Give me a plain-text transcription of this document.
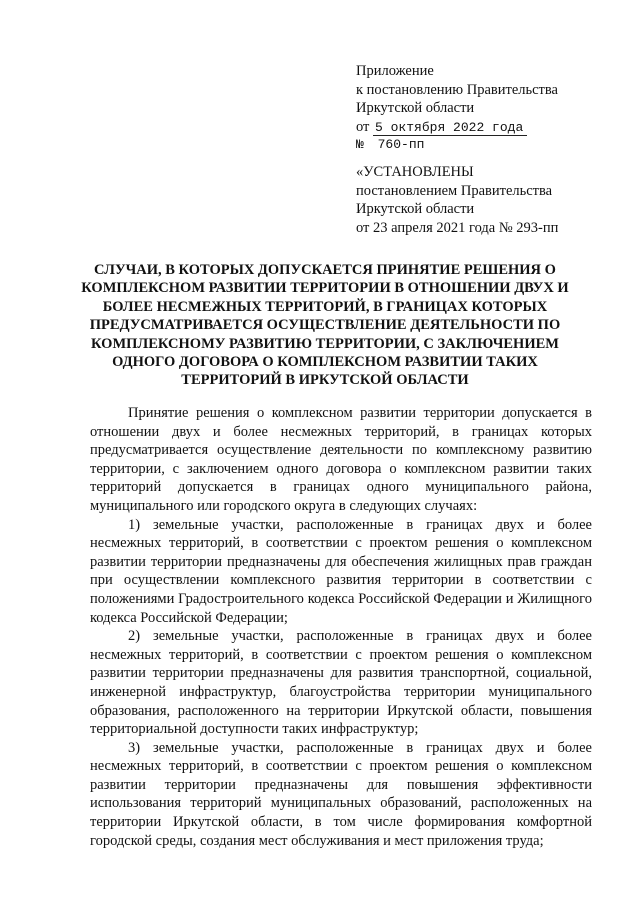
Приложение
к постановлению Правительства
Иркутской области
от 5 октября 2022 года
№ 760-пп
«УСТАНОВЛЕНЫ
постановлением Правительства
Иркутской области
от 23 апреля 2021 года № 293-пп
СЛУЧАИ, В КОТОРЫХ ДОПУСКАЕТСЯ ПРИНЯТИЕ РЕШЕНИЯ О КОМПЛЕКСНОМ РАЗВИТИИ ТЕРРИТОРИИ В ОТНОШЕНИИ ДВУХ И БОЛЕЕ НЕСМЕЖНЫХ ТЕРРИТОРИЙ, В ГРАНИЦАХ КОТОРЫХ ПРЕДУСМАТРИВАЕТСЯ ОСУЩЕСТВЛЕНИЕ ДЕЯТЕЛЬНОСТИ ПО КОМПЛЕКСНОМУ РАЗВИТИЮ ТЕРРИТОРИИ, С ЗАКЛЮЧЕНИЕМ ОДНОГО ДОГОВОРА О КОМПЛЕКСНОМ РАЗВИТИИ ТАКИХ ТЕРРИТОРИЙ В ИРКУТСКОЙ ОБЛАСТИ

Принятие решения о комплексном развитии территории допускается в отношении двух и более несмежных территорий, в границах которых предусматривается осуществление деятельности по комплексному развитию территории, с заключением одного договора о комплексном развитии таких территорий допускается в границах одного муниципального района, муниципального или городского округа в следующих случаях:

1) земельные участки, расположенные в границах двух и более несмежных территорий, в соответствии с проектом решения о комплексном развитии территории предназначены для обеспечения жилищных прав граждан при осуществлении комплексного развития территории в соответствии с положениями Градостроительного кодекса Российской Федерации и Жилищного кодекса Российской Федерации;

2) земельные участки, расположенные в границах двух и более несмежных территорий, в соответствии с проектом решения о комплексном развитии территории предназначены для развития транспортной, социальной, инженерной инфраструктур, благоустройства территории муниципального образования, расположенного на территории Иркутской области, повышения территориальной доступности таких инфраструктур;

3) земельные участки, расположенные в границах двух и более несмежных территорий, в соответствии с проектом решения о комплексном развитии территории предназначены для повышения эффективности использования территорий муниципальных образований, расположенных на территории Иркутской области, в том числе формирования комфортной городской среды, создания мест обслуживания и мест приложения труда;
